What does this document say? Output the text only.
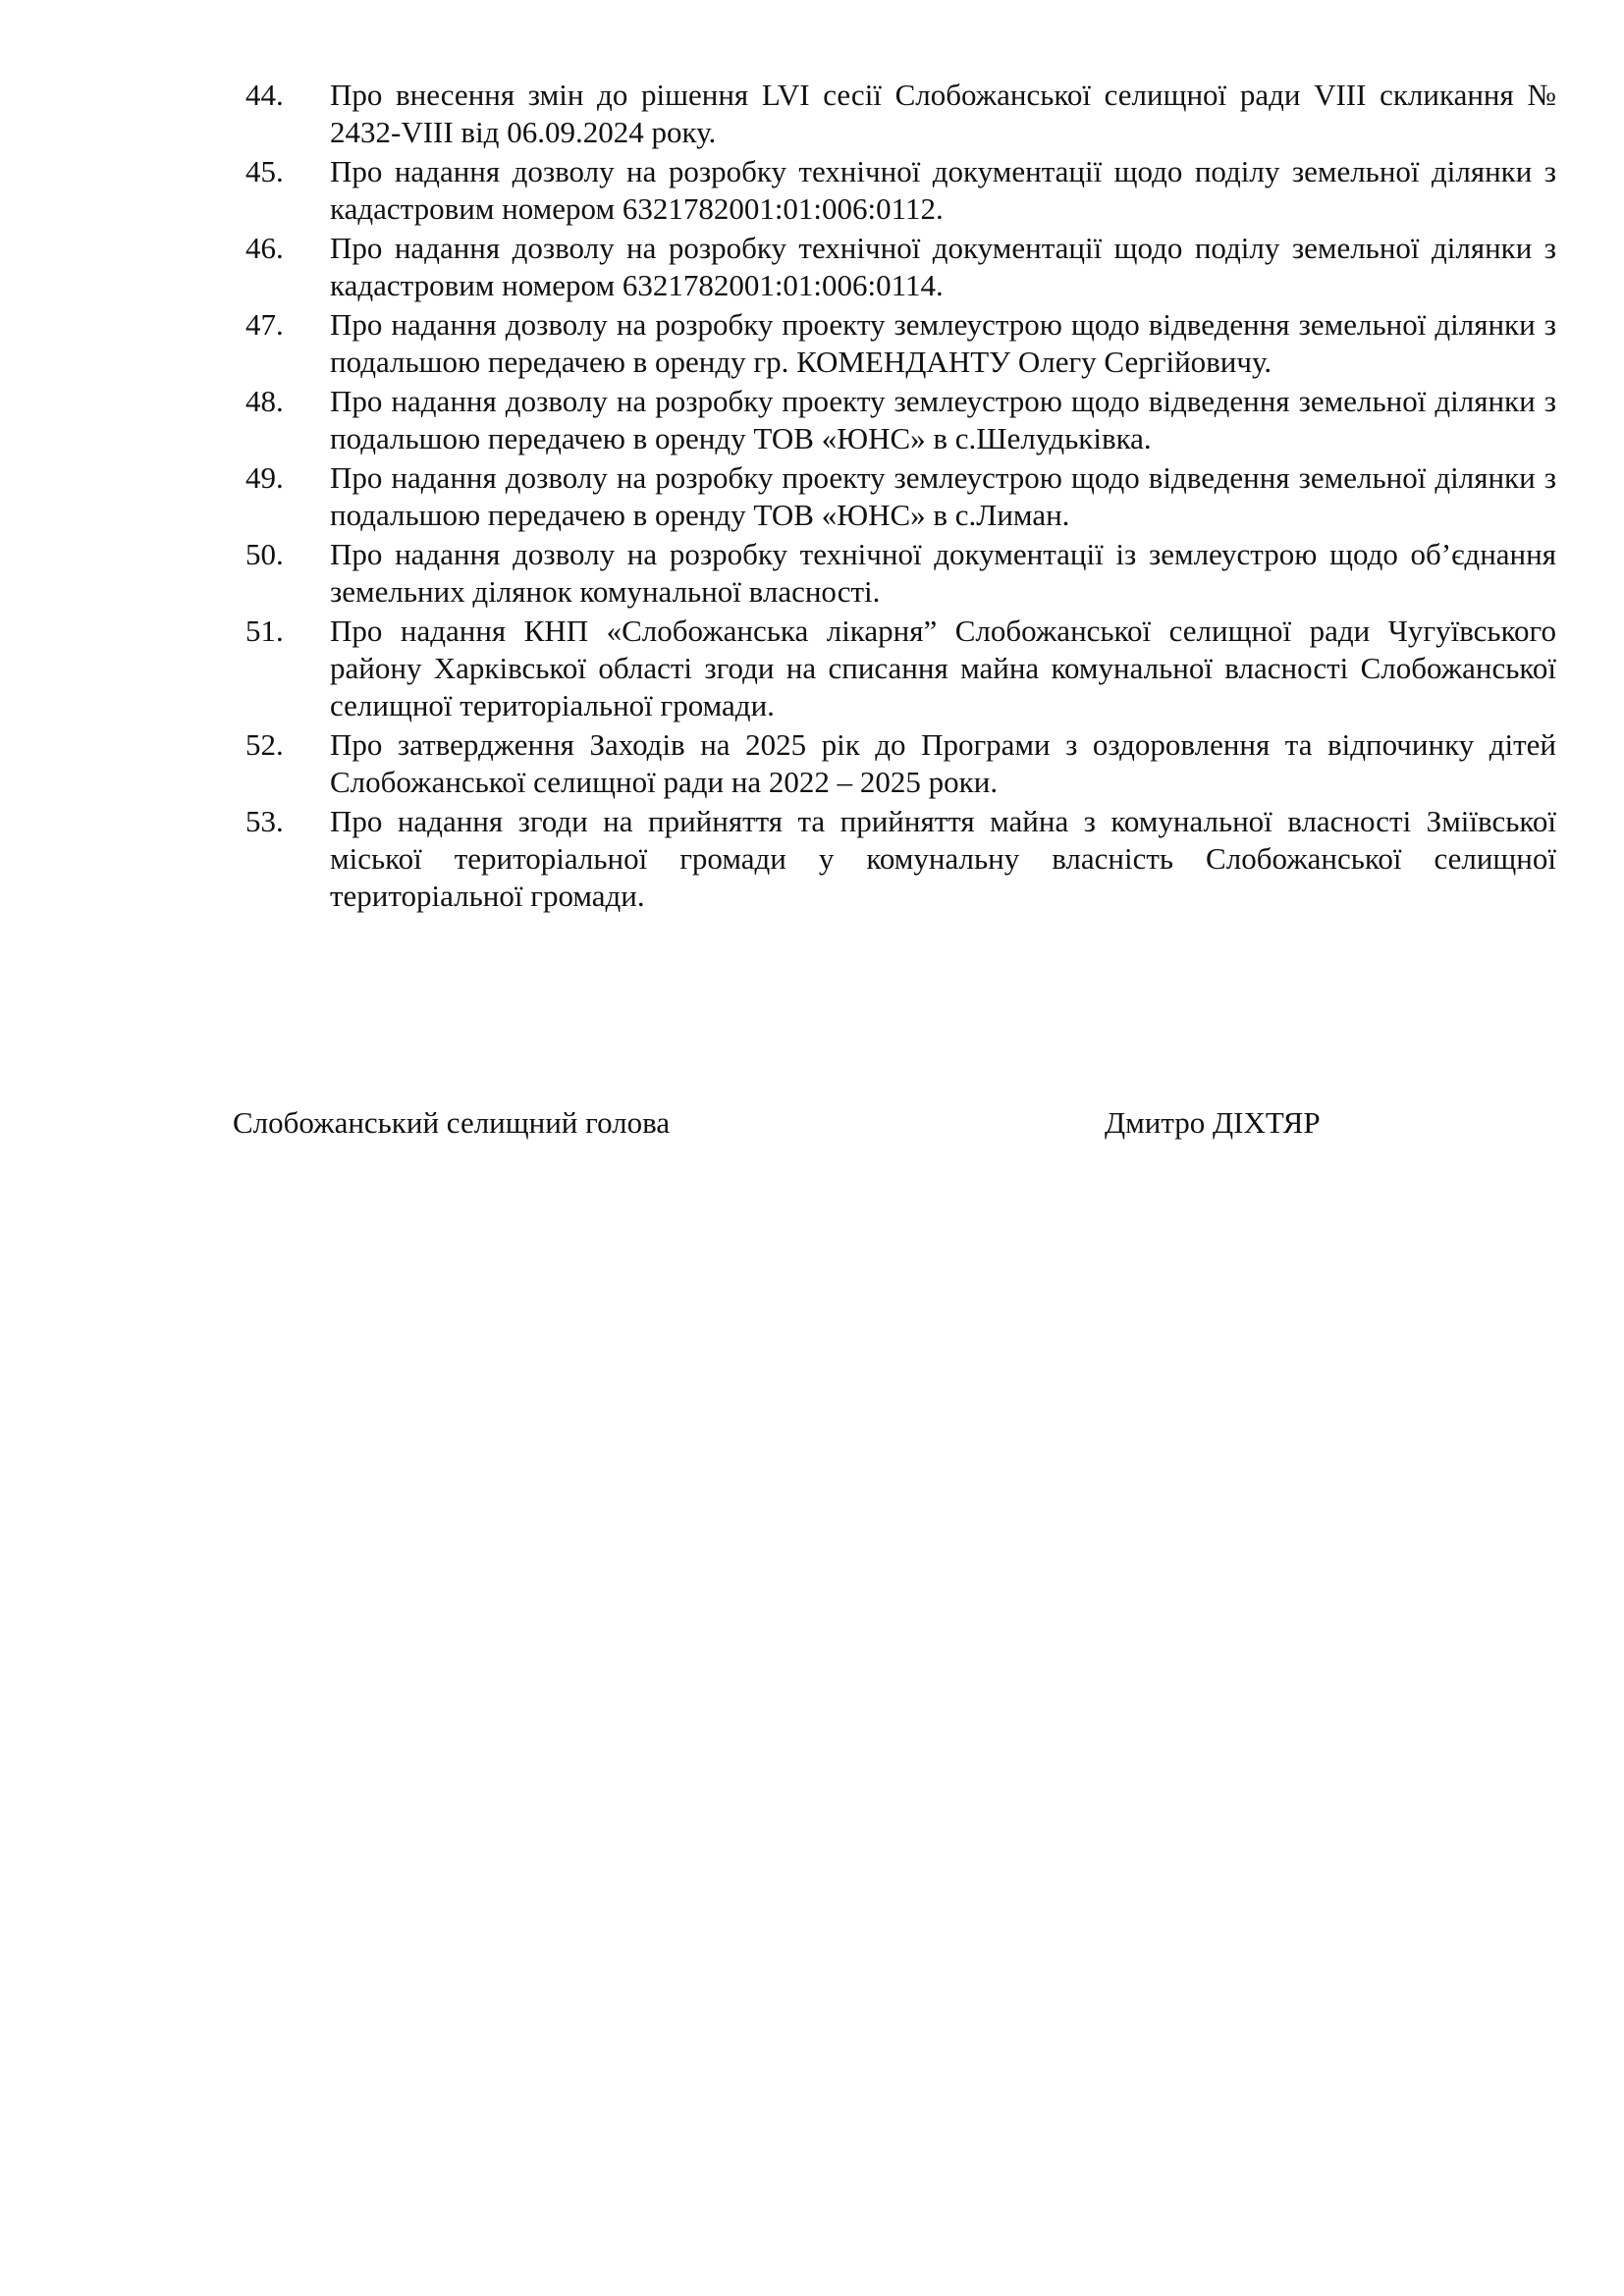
44.	Про внесення змін до рішення LVI сесії Слобожанської селищної ради VIII скликання № 2432-VIII від 06.09.2024 року.
45.	Про надання дозволу на розробку технічної документації щодо поділу земельної ділянки з кадастровим номером 6321782001:01:006:0112.
46.	Про надання дозволу на розробку технічної документації щодо поділу земельної ділянки з кадастровим номером 6321782001:01:006:0114.
47.	Про надання дозволу на розробку проекту землеустрою щодо відведення земельної ділянки з подальшою передачею в оренду гр. КОМЕНДАНТУ Олегу Сергійовичу.
48.	Про надання дозволу на розробку проекту землеустрою щодо відведення земельної ділянки з подальшою передачею в оренду ТОВ «ЮНС» в с.Шелудьківка.
49.	Про надання дозволу на розробку проекту землеустрою щодо відведення земельної ділянки з подальшою передачею в оренду ТОВ «ЮНС» в с.Лиман.
50.	Про надання дозволу на розробку технічної документації із землеустрою щодо об’єднання земельних ділянок комунальної власності.
51.	Про надання КНП «Слобожанська лікарня” Слобожанської селищної ради Чугуївського району Харківської області згоди на списання майна комунальної власності Слобожанської селищної територіальної громади.
52.	Про затвердження Заходів на 2025 рік до Програми з оздоровлення та відпочинку дітей Слобожанської селищної ради на 2022 – 2025 роки.
53.	Про надання згоди на прийняття та прийняття майна з комунальної власності Зміївської міської територіальної громади у комунальну власність Слобожанської селищної територіальної громади.
Слобожанський селищний голова	Дмитро ДІХТЯР
